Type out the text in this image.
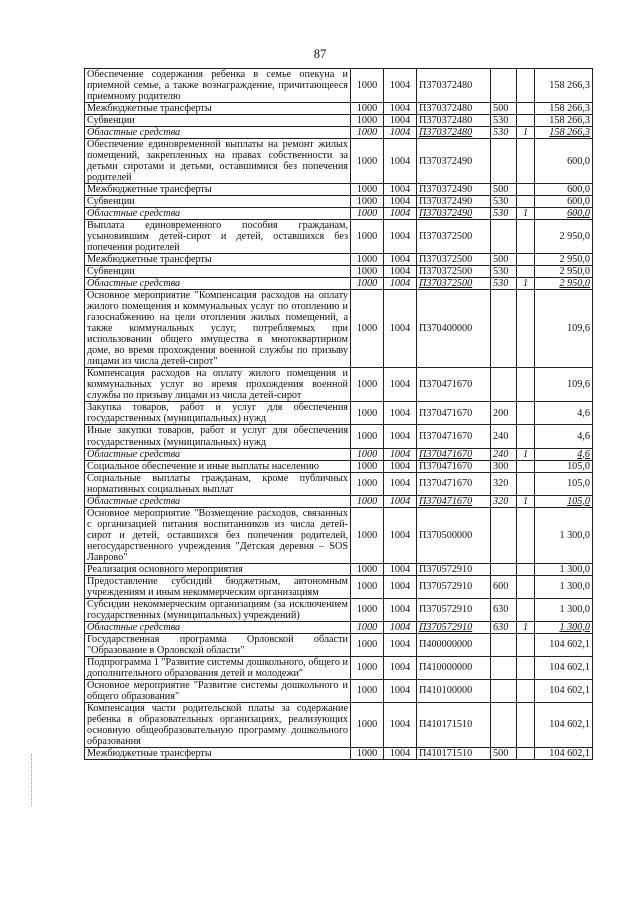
87
Обеспечение содержания ребенка в семье опекуна и приемной семье, а также вознаграждение, причитающееся приемному родителю	1000	1004	П370372480			158 266,3
Межбюджетные трансферты	1000	1004	П370372480	500		158 266,3
Субвенции	1000	1004	П370372480	530		158 266,3
Областные средства	1000	1004	П370372480	530	1	158 266,3
Обеспечение единовременной выплаты на ремонт жилых помещений, закрепленных на правах собственности за детьми сиротами и детьми, оставшимися без попечения родителей	1000	1004	П370372490			600,0
Межбюджетные трансферты	1000	1004	П370372490	500		600,0
Субвенции	1000	1004	П370372490	530		600,0
Областные средства	1000	1004	П370372490	530	1	600,0
Выплата единовременного пособия гражданам, усыновившим детей-сирот и детей, оставшихся без попечения родителей	1000	1004	П370372500			2 950,0
Межбюджетные трансферты	1000	1004	П370372500	500		2 950,0
Субвенции	1000	1004	П370372500	530		2 950,0
Областные средства	1000	1004	П370372500	530	1	2 950,0
Основное мероприятие "Компенсация расходов на оплату жилого помещения и коммунальных услуг по отоплению и газоснабжению на цели отопления жилых помещений, а также коммунальных услуг, потребляемых при использовании общего имущества в многоквартирном доме, во время прохождения военной службы по призыву лицами из числа детей-сирот"	1000	1004	П370400000			109,6
Компенсация расходов на оплату жилого помещения и коммунальных услуг во время прохождения военной службы по призыву лицами из числа детей-сирот	1000	1004	П370471670			109,6
Закупка товаров, работ и услуг для обеспечения государственных (муниципальных) нужд	1000	1004	П370471670	200		4,6
Иные закупки товаров, работ и услуг для обеспечения государственных (муниципальных) нужд	1000	1004	П370471670	240		4,6
Областные средства	1000	1004	П370471670	240	1	4,6
Социальное обеспечение и иные выплаты населению	1000	1004	П370471670	300		105,0
Социальные выплаты гражданам, кроме публичных нормативных социальных выплат	1000	1004	П370471670	320		105,0
Областные средства	1000	1004	П370471670	320	1	105,0
Основное мероприятие "Возмещение расходов, связанных с организацией питания воспитанников из числа детей-сирот и детей, оставшихся без попечения родителей, негосударственного учреждения "Детская деревня – SOS Лаврово"	1000	1004	П370500000			1 300,0
Реализация основного мероприятия	1000	1004	П370572910			1 300,0
Предоставление субсидий бюджетным, автономным учреждениям и иным некоммерческим организациям	1000	1004	П370572910	600		1 300,0
Субсидии некоммерческим организациям (за исключением государственных (муниципальных) учреждений)	1000	1004	П370572910	630		1 300,0
Областные средства	1000	1004	П370572910	630	1	1 300,0
Государственная программа Орловской области "Образование в Орловской области"	1000	1004	П400000000			104 602,1
Подпрограмма 1 "Развитие системы дошкольного, общего и дополнительного образования детей и молодежи"	1000	1004	П410000000			104 602,1
Основное мероприятие "Развитие системы дошкольного и общего образования"	1000	1004	П410100000			104 602,1
Компенсация части родительской платы за содержание ребенка в образовательных организациях, реализующих основную общеобразовательную программу дошкольного образования	1000	1004	П410171510			104 602,1
Межбюджетные трансферты	1000	1004	П410171510	500		104 602,1
